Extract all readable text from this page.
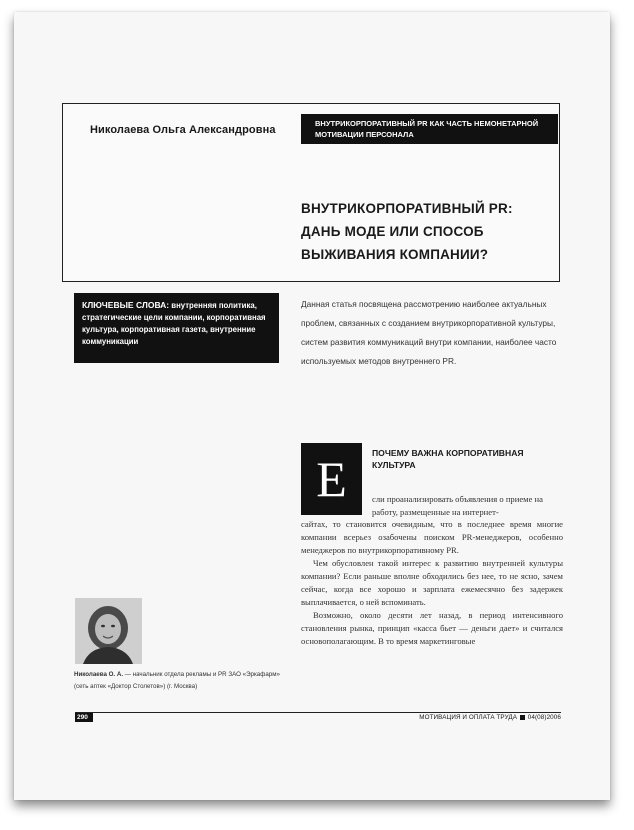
Николаева Ольга Александровна
ВНУТРИКОРПОРАТИВНЫЙ PR КАК ЧАСТЬ НЕМОНЕТАРНОЙ МОТИВАЦИИ ПЕРСОНАЛА
ВНУТРИКОРПОРАТИВНЫЙ PR:
ДАНЬ МОДЕ ИЛИ СПОСОБ
ВЫЖИВАНИЯ КОМПАНИИ?
КЛЮЧЕВЫЕ СЛОВА: внутренняя политика, стратегические цели компании, корпоративная культура, корпоративная газета, внутренние коммуникации
Данная статья посвящена рассмотрению наиболее актуальных проблем, связанных с созданием внутрикорпоративной культуры, систем развития коммуникаций внутри компании, наиболее часто используемых методов внутреннего PR.
Е	ПОЧЕМУ ВАЖНА КОРПОРАТИВНАЯ КУЛЬТУРА
сли проанализировать объявления о приеме на работу, размещенные на интернет-

сайтах, то становится очевидным, что в последнее время многие компании всерьез озабочены поиском PR-менеджеров, особенно менеджеров по внутрикорпоративному PR.

Чем обусловлен такой интерес к развитию внутренней культуры компании? Если раньше вполне обходились без нее, то не ясно, зачем сейчас, когда все хорошо и зарплата ежемесячно без задержек выплачивается, о ней вспоминать.

Возможно, около десяти лет назад, в период интенсивного становления рынка, принцип «касса бьет — деньги дает» и считался основополагающим. В то время маркетинговые

Николаева О. А. — начальник отдела рекламы и PR ЗАО «Эркафарм» (сеть аптек «Доктор Столетов») (г. Москва)
290	МОТИВАЦИЯ И ОПЛАТА ТРУДА 04(08)2006
